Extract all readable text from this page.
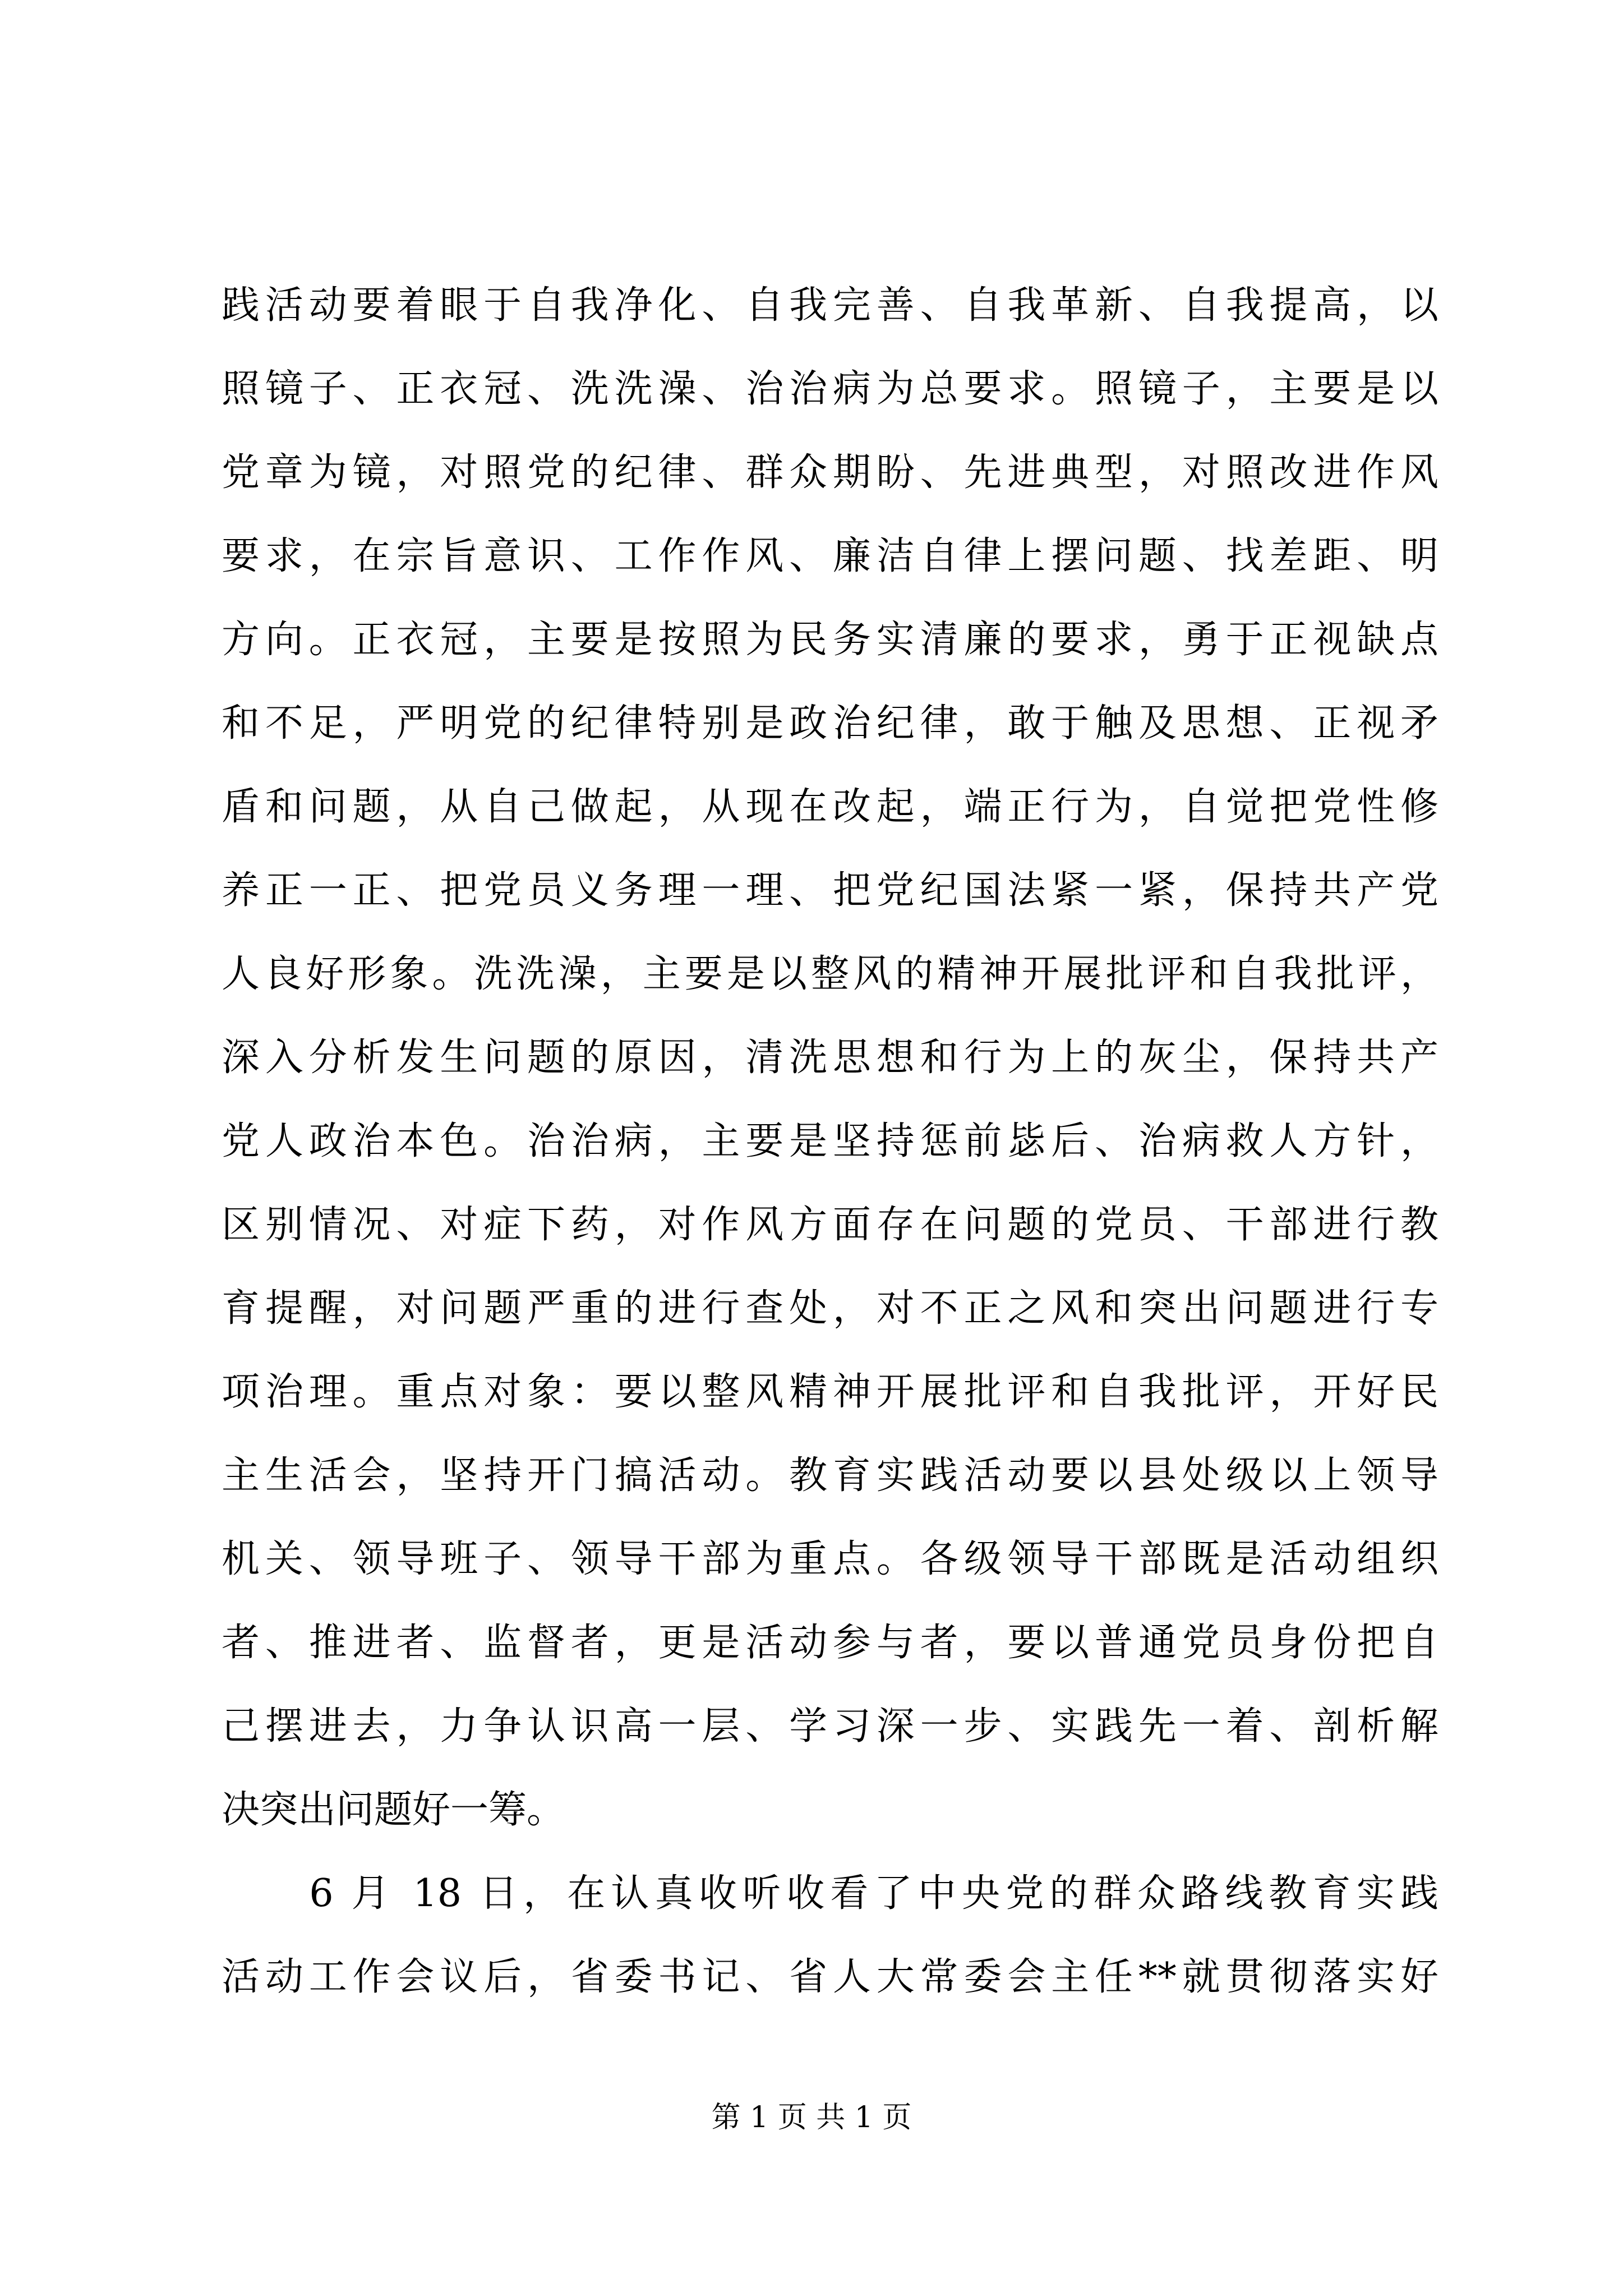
践活动要着眼于自我净化、自我完善、自我革新、自我提高，以
照镜子、正衣冠、洗洗澡、治治病为总要求。照镜子，主要是以
党章为镜，对照党的纪律、群众期盼、先进典型，对照改进作风
要求，在宗旨意识、工作作风、廉洁自律上摆问题、找差距、明
方向。正衣冠，主要是按照为民务实清廉的要求，勇于正视缺点
和不足，严明党的纪律特别是政治纪律，敢于触及思想、正视矛
盾和问题，从自己做起，从现在改起，端正行为，自觉把党性修
养正一正、把党员义务理一理、把党纪国法紧一紧，保持共产党
人良好形象。洗洗澡，主要是以整风的精神开展批评和自我批评，
深入分析发生问题的原因，清洗思想和行为上的灰尘，保持共产
党人政治本色。治治病，主要是坚持惩前毖后、治病救人方针，
区别情况、对症下药，对作风方面存在问题的党员、干部进行教
育提醒，对问题严重的进行查处，对不正之风和突出问题进行专
项治理。重点对象：要以整风精神开展批评和自我批评，开好民
主生活会，坚持开门搞活动。教育实践活动要以县处级以上领导
机关、领导班子、领导干部为重点。各级领导干部既是活动组织
者、推进者、监督者，更是活动参与者，要以普通党员身份把自
己摆进去，力争认识高一层、学习深一步、实践先一着、剖析解
决突出问题好一筹。
　　6 月 18 日，在认真收听收看了中央党的群众路线教育实践
活动工作会议后，省委书记、省人大常委会主任**就贯彻落实好
第 1 页 共 1 页
